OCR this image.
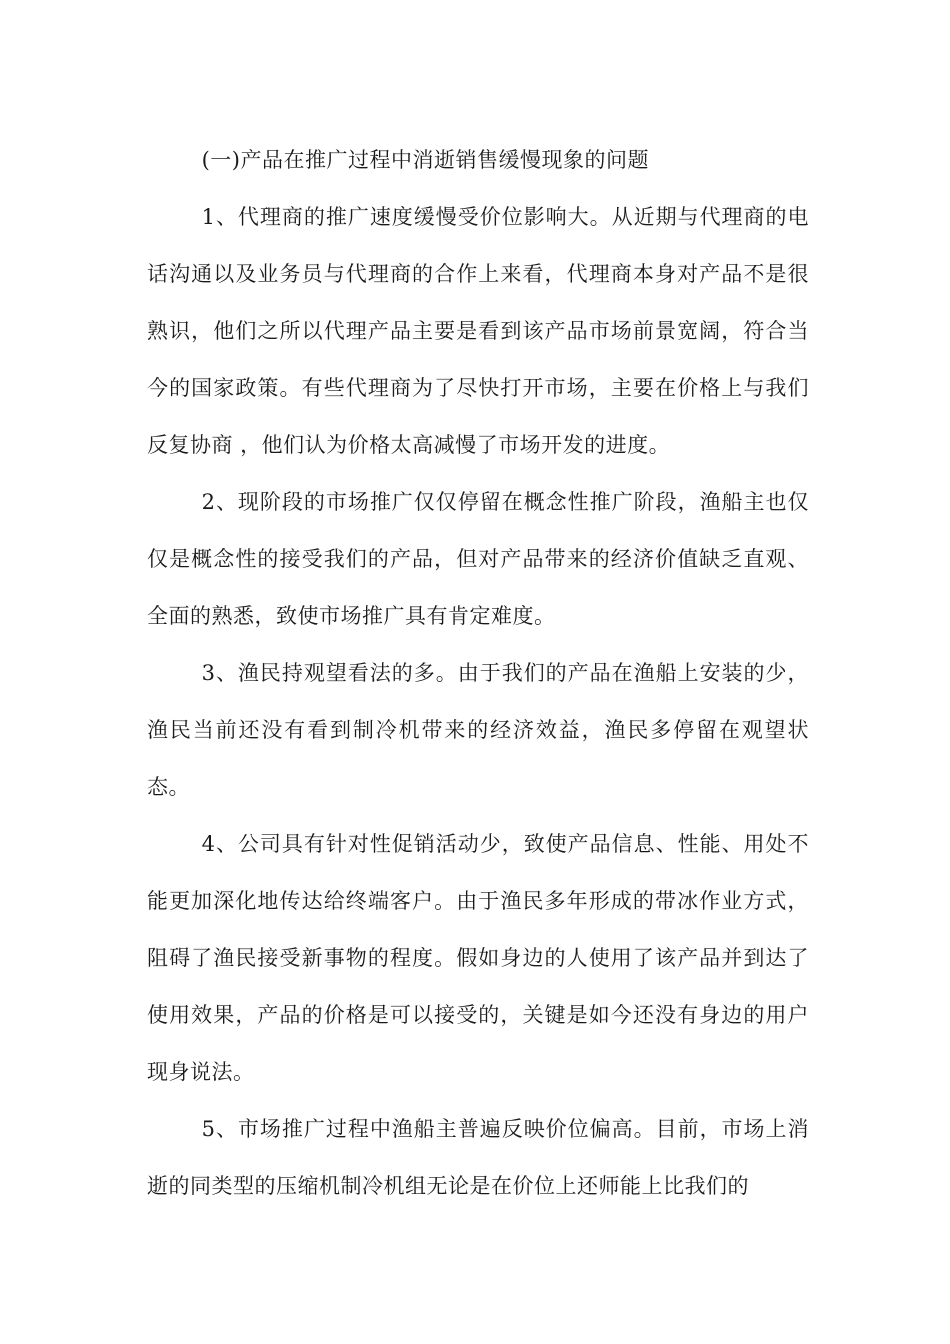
(一)产品在推广过程中消逝销售缓慢现象的问题

1、代理商的推广速度缓慢受价位影响大。从近期与代理商的电话沟通以及业务员与代理商的合作上来看，代理商本身对产品不是很熟识，他们之所以代理产品主要是看到该产品市场前景宽阔，符合当今的国家政策。有些代理商为了尽快打开市场，主要在价格上与我们反复协商 ，他们认为价格太高减慢了市场开发的进度。

2、现阶段的市场推广仅仅停留在概念性推广阶段，渔船主也仅仅是概念性的接受我们的产品，但对产品带来的经济价值缺乏直观、全面的熟悉，致使市场推广具有肯定难度。

3、渔民持观望看法的多。由于我们的产品在渔船上安装的少，渔民当前还没有看到制冷机带来的经济效益，渔民多停留在观望状态。

4、公司具有针对性促销活动少，致使产品信息、性能、用处不能更加深化地传达给终端客户。由于渔民多年形成的带冰作业方式，阻碍了渔民接受新事物的程度。假如身边的人使用了该产品并到达了使用效果，产品的价格是可以接受的，关键是如今还没有身边的用户现身说法。

5、市场推广过程中渔船主普遍反映价位偏高。目前，市场上消逝的同类型的压缩机制冷机组无论是在价位上还师能上比我们的
